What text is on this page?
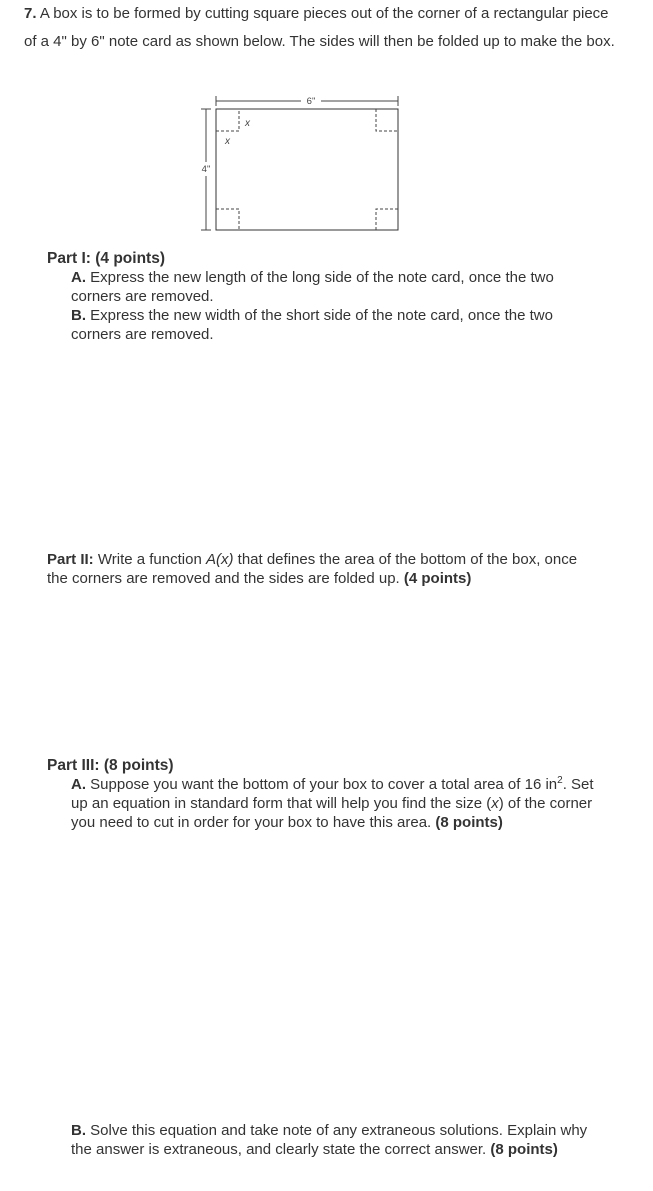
7. A box is to be formed by cutting square pieces out of the corner of a rectangular piece of a 4" by 6" note card as shown below. The sides will then be folded up to make the box.
6"
4"
x
x
Part I: (4 points)
A. Express the new length of the long side of the note card, once the two corners are removed.
B. Express the new width of the short side of the note card, once the two corners are removed.
Part II: Write a function A(x) that defines the area of the bottom of the box, once the corners are removed and the sides are folded up. (4 points)
Part III: (8 points)
A. Suppose you want the bottom of your box to cover a total area of 16 $in^2$. Set up an equation in standard form that will help you find the size (x) of the corner you need to cut in order for your box to have this area. (8 points)
B. Solve this equation and take note of any extraneous solutions. Explain why the answer is extraneous, and clearly state the correct answer. (8 points)
